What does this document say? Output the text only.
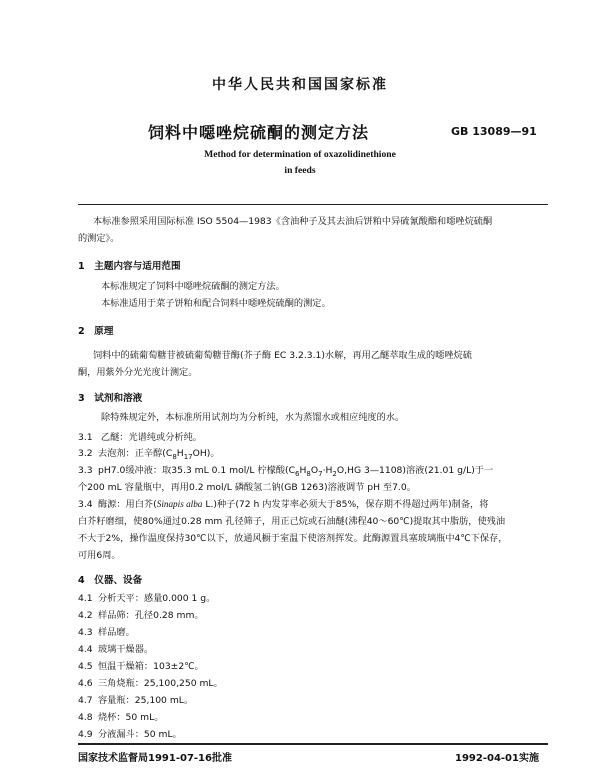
中华人民共和国国家标准
饲料中噁唑烷硫酮的测定方法	GB 13089—91
Method for determination of oxazolidinethione
in feeds
本标准参照采用国际标准 ISO 5504—1983《含油种子及其去油后饼粕中异硫氰酸酯和噁唑烷硫酮
的测定》。
1　主题内容与适用范围
本标准规定了饲料中噁唑烷硫酮的测定方法。
本标准适用于菜子饼粕和配合饲料中噁唑烷硫酮的测定。
2　原理
饲料中的硫葡萄糖苷被硫葡萄糖苷酶(芥子酶 EC 3.2.3.1)水解，再用乙醚萃取生成的噁唑烷硫
酮，用紫外分光光度计测定。
3　试剂和溶液
除特殊规定外，本标准所用试剂均为分析纯，水为蒸馏水或相应纯度的水。
3.1 乙醚：光谱纯或分析纯。
3.2 去泡剂：正辛醇$(C_8H_{17}OH)$。
3.3 pH7.0缓冲液：取35.3 mL 0.1 mol/L 柠檬酸($C_6H_8O_7\cdot H_2O,HG$ 3—1108)溶液(21.01 g/L)于一
个200 mL 容量瓶中，再用0.2 mol/L 磷酸氢二钠(GB 1263)溶液调节 pH 至7.0。
3.4 酶源：用白芥(Sinapis alba L.)种子(72 h 内发芽率必须大于85%，保存期不得超过两年)制备，将
白芥籽磨细，使80%通过0.28 mm 孔径筛子，用正己烷或石油醚(沸程40～60℃)提取其中脂肪，使残油
不大于2%，操作温度保持30℃以下，放通风橱于室温下使溶剂挥发。此酶源置具塞玻璃瓶中4℃下保存，
可用6周。
4　仪器、设备
4.1 分析天平：感量0.000 1 g。
4.2 样品筛：孔径0.28 mm。
4.3 样品磨。
4.4 玻璃干燥器。
4.5 恒温干燥箱：103±2℃。
4.6 三角烧瓶：25,100,250 mL。
4.7 容量瓶：25,100 mL。
4.8 烧杯：50 mL。
4.9 分液漏斗：50 mL。
国家技术监督局1991-07-16批准	1992-04-01实施
